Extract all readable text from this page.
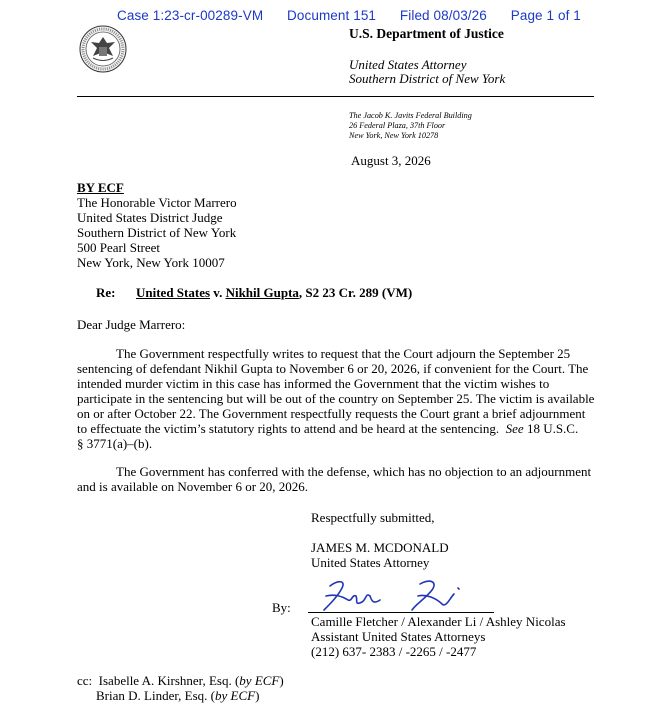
Case 1:23-cr-00289-VM Document 151 Filed 08/03/26 Page 1 of 1
U.S. Department of Justice
United States Attorney
Southern District of New York
The Jacob K. Javits Federal Building
26 Federal Plaza, 37th Floor
New York, New York 10278
August 3, 2026
BY ECF
The Honorable Victor Marrero
United States District Judge
Southern District of New York
500 Pearl Street
New York, New York 10007
Re: United States v. Nikhil Gupta, S2 23 Cr. 289 (VM)
Dear Judge Marrero:
The Government respectfully writes to request that the Court adjourn the September 25
sentencing of defendant Nikhil Gupta to November 6 or 20, 2026, if convenient for the Court. The
intended murder victim in this case has informed the Government that the victim wishes to
participate in the sentencing but will be out of the country on September 25. The victim is available
on or after October 22. The Government respectfully requests the Court grant a brief adjournment
to effectuate the victim’s statutory rights to attend and be heard at the sentencing. See 18 U.S.C.
§ 3771(a)–(b).
The Government has conferred with the defense, which has no objection to an adjournment
and is available on November 6 or 20, 2026.
Respectfully submitted,
JAMES M. MCDONALD
United States Attorney
By:
Camille Fletcher / Alexander Li / Ashley Nicolas
Assistant United States Attorneys
(212) 637- 2383 / -2265 / -2477
cc: Isabelle A. Kirshner, Esq. (by ECF)
Brian D. Linder, Esq. (by ECF)
